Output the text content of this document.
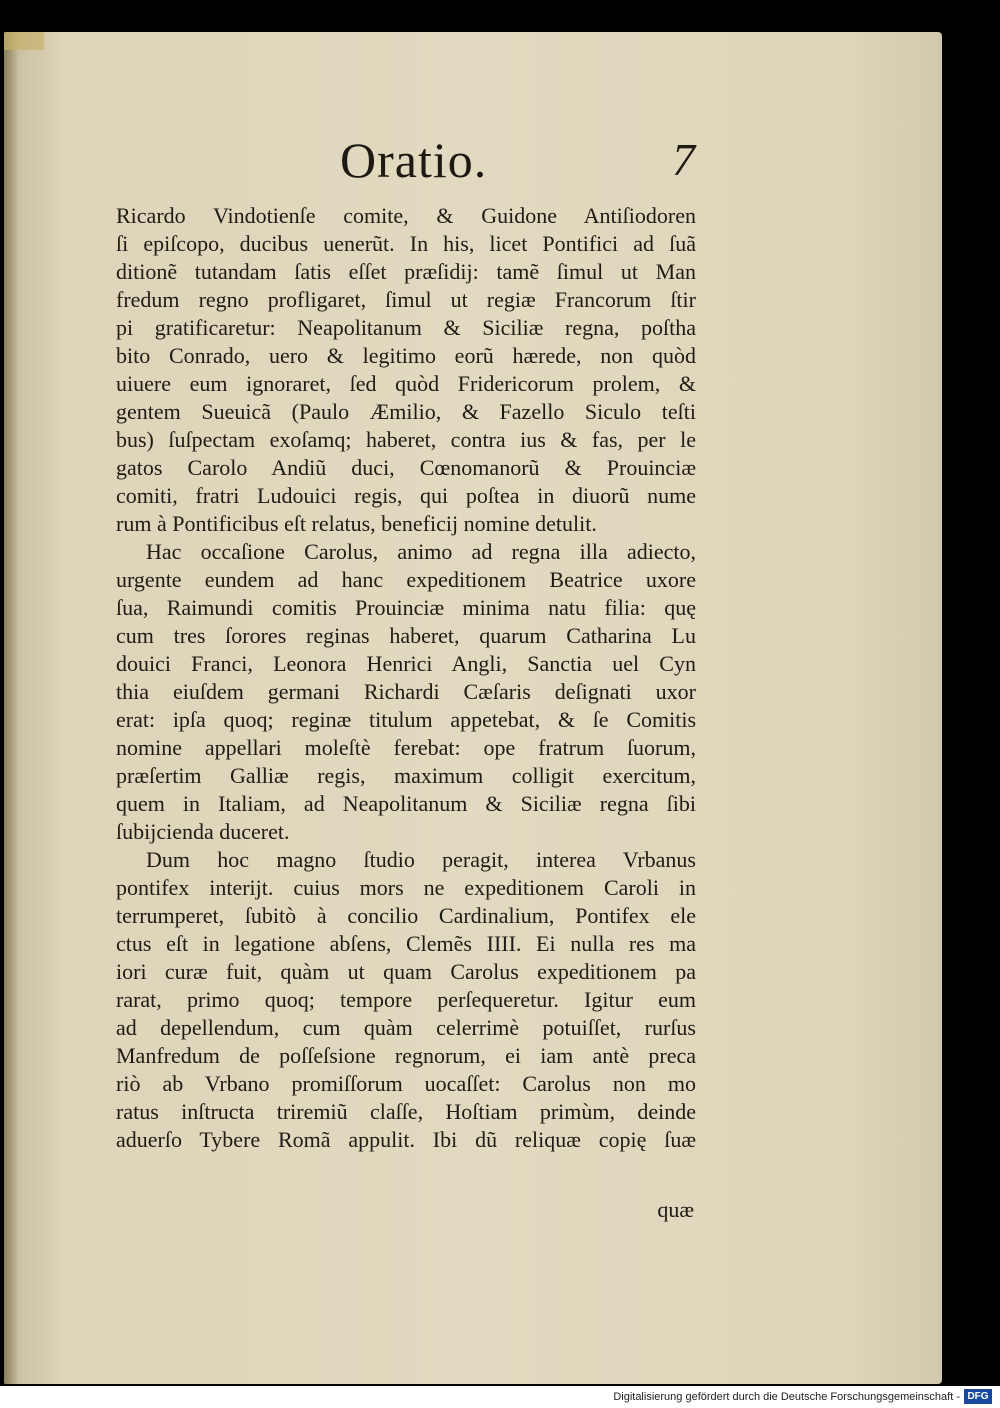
Oratio.	7
Ricardo Vindotienſe comite, & Guidone Antiſiodoren
ſi epiſcopo, ducibus uenerũt. In his, licet Pontifici ad ſuã
ditionẽ tutandam ſatis eſſet præſidij: tamẽ ſimul ut Man
fredum regno profligaret, ſimul ut regiæ Francorum ſtir
pi gratificaretur: Neapolitanum & Siciliæ regna, poſtha
bito Conrado, uero & legitimo eorũ hærede, non quòd
uiuere eum ignoraret, ſed quòd Fridericorum prolem, &
gentem Sueuicã (Paulo Æmilio, & Fazello Siculo teſti
bus) ſuſpectam exoſamq; haberet, contra ius & fas, per le
gatos Carolo Andiũ duci, Cœnomanorũ & Prouinciæ
comiti, fratri Ludouici regis, qui poſtea in diuorũ nume
rum à Pontificibus eſt relatus, beneficij nomine detulit.
Hac occaſione Carolus, animo ad regna illa adiecto,
urgente eundem ad hanc expeditionem Beatrice uxore
ſua, Raimundi comitis Prouinciæ minima natu filia: quę
cum tres ſorores reginas haberet, quarum Catharina Lu
douici Franci, Leonora Henrici Angli, Sanctia uel Cyn
thia eiuſdem germani Richardi Cæſaris deſignati uxor
erat: ipſa quoq; reginæ titulum appetebat, & ſe Comitis
nomine appellari moleſtè ferebat: ope fratrum ſuorum,
præſertim Galliæ regis, maximum colligit exercitum,
quem in Italiam, ad Neapolitanum & Siciliæ regna ſibi
ſubijcienda duceret.
Dum hoc magno ſtudio peragit, interea Vrbanus
pontifex interijt. cuius mors ne expeditionem Caroli in
terrumperet, ſubitò à concilio Cardinalium, Pontifex ele
ctus eſt in legatione abſens, Clemẽs IIII. Ei nulla res ma
iori curæ fuit, quàm ut quam Carolus expeditionem pa
rarat, primo quoq; tempore perſequeretur. Igitur eum
ad depellendum, cum quàm celerrimè potuiſſet, rurſus
Manfredum de poſſeſsione regnorum, ei iam antè preca
riò ab Vrbano promiſſorum uocaſſet: Carolus non mo
ratus inſtructa triremiũ claſſe, Hoſtiam primùm, deinde
aduerſo Tybere Romã appulit. Ibi dũ reliquæ copię ſuæ
quæ
Digitalisierung gefördert durch die Deutsche Forschungsgemeinschaft - DFG
